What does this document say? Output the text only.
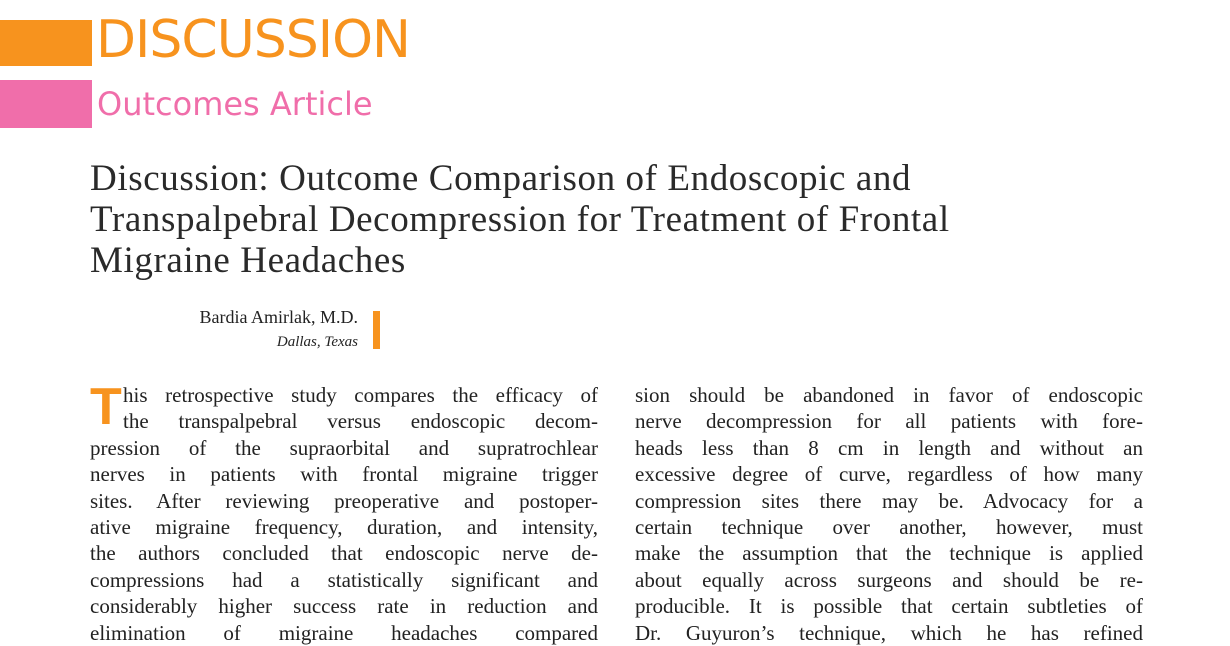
DISCUSSION
Outcomes Article
Discussion: Outcome Comparison of Endoscopic and
Transpalpebral Decompression for Treatment of Frontal
Migraine Headaches
Bardia Amirlak, M.D.
Dallas, Texas
T his retrospective study compares the efficacy of
the transpalpebral versus endoscopic decom-
pression of the supraorbital and supratrochlear
nerves in patients with frontal migraine trigger
sites. After reviewing preoperative and postoper-
ative migraine frequency, duration, and intensity,
the authors concluded that endoscopic nerve de-
compressions had a statistically significant and
considerably higher success rate in reduction and
elimination of migraine headaches compared
sion should be abandoned in favor of endoscopic
nerve decompression for all patients with fore-
heads less than 8 cm in length and without an
excessive degree of curve, regardless of how many
compression sites there may be. Advocacy for a
certain technique over another, however, must
make the assumption that the technique is applied
about equally across surgeons and should be re-
producible. It is possible that certain subtleties of
Dr. Guyuron’s technique, which he has refined
